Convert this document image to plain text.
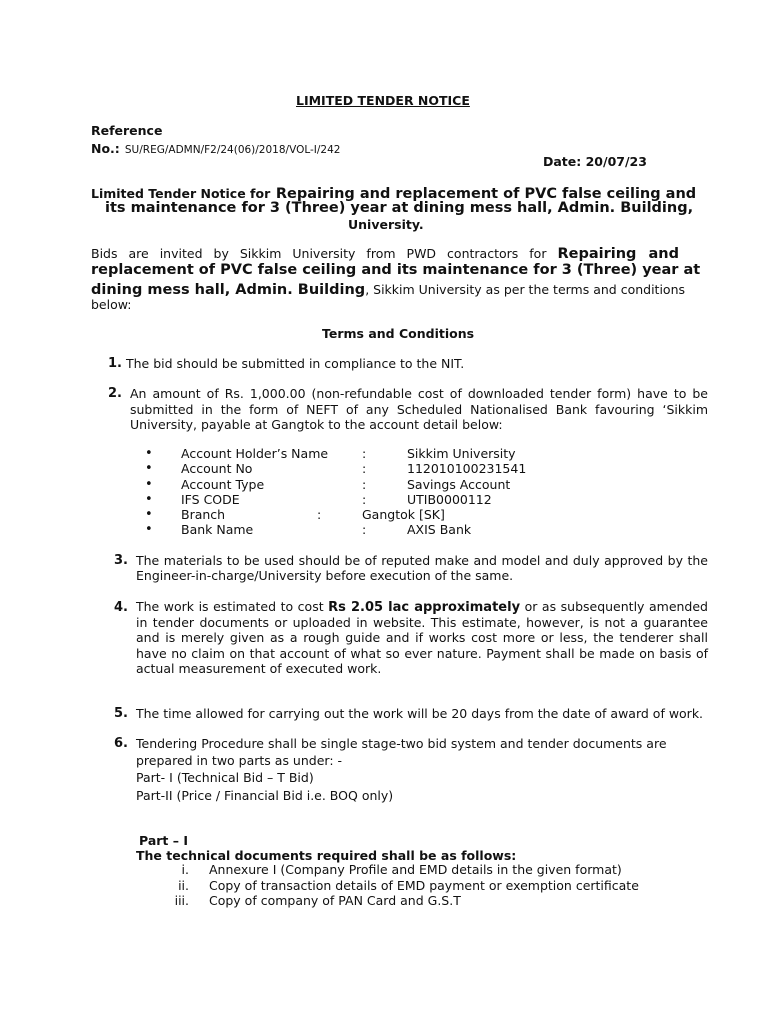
LIMITED TENDER NOTICE
Reference
No.: SU/REG/ADMN/F2/24(06)/2018/VOL-I/242
Date: 20/07/23
Limited Tender Notice for Repairing and replacement of PVC false ceiling and
its maintenance for 3 (Three) year at dining mess hall, Admin. Building,
University.
Bids are invited by Sikkim University from PWD contractors for Repairing and
replacement of PVC false ceiling and its maintenance for 3 (Three) year at
dining mess hall, Admin. Building, Sikkim University as per the terms and conditions
below:
Terms and Conditions
1. The bid should be submitted in compliance to the NIT.
2. An amount of Rs. 1,000.00 (non-refundable cost of downloaded tender form) have to be
submitted in the form of NEFT of any Scheduled Nationalised Bank favouring ‘Sikkim
University, payable at Gangtok to the account detail below:
• Account Holder’s Name	:	Sikkim University
• Account No	:	112010100231541
• Account Type	:	Savings Account
• IFS CODE	:	UTIB0000112
• Branch	:	Gangtok [SK]
• Bank Name	:	AXIS Bank
3. The materials to be used should be of reputed make and model and duly approved by the
Engineer-in-charge/University before execution of the same.
4. The work is estimated to cost Rs 2.05 lac approximately or as subsequently amended
in tender documents or uploaded in website. This estimate, however, is not a guarantee
and is merely given as a rough guide and if works cost more or less, the tenderer shall
have no claim on that account of what so ever nature. Payment shall be made on basis of
actual measurement of executed work.
5. The time allowed for carrying out the work will be 20 days from the date of award of work.
6. Tendering Procedure shall be single stage-two bid system and tender documents are
prepared in two parts as under: -
Part- I (Technical Bid – T Bid)
Part-II (Price / Financial Bid i.e. BOQ only)
Part – I
The technical documents required shall be as follows:
i. Annexure I (Company Profile and EMD details in the given format)
ii. Copy of transaction details of EMD payment or exemption certificate
iii. Copy of company of PAN Card and G.S.T
